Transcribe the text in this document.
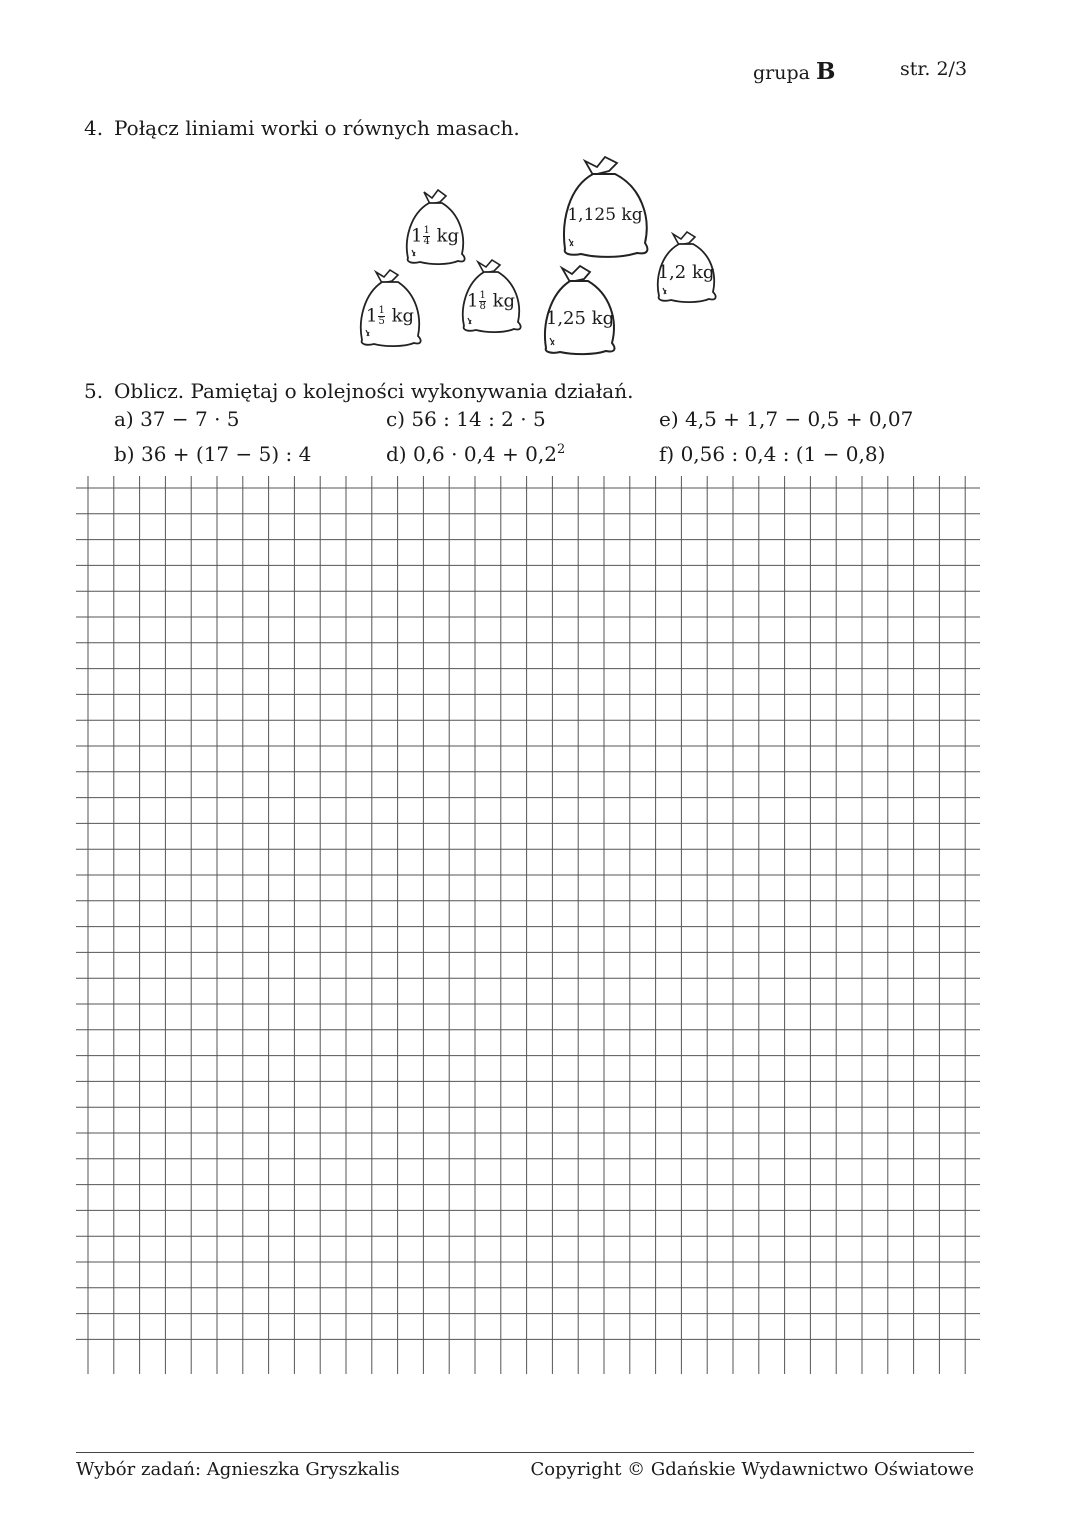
grupa B	str. 2/3
4. Połącz liniami worki o równych masach.
$1 \frac{1}{4}$ kg
1,125 kg
1,2 kg
$1 \frac{1}{8}$ kg
$1 \frac{1}{5}$ kg	1,25 kg
5. Oblicz. Pamiętaj o kolejności wykonywania działań.
a) 37 − 7 · 5
b) 36 + (17 − 5) : 4
c) 56 : 14 : 2 · 5
d) $0,6 \cdot 0,4 + 0,2^2$
e) 4,5 + 1,7 − 0,5 + 0,07
f) 0,56 : 0,4 : (1 − 0,8)
Wybór zadań: Agnieszka Gryszkalis	Copyright © Gdańskie Wydawnictwo Oświatowe
